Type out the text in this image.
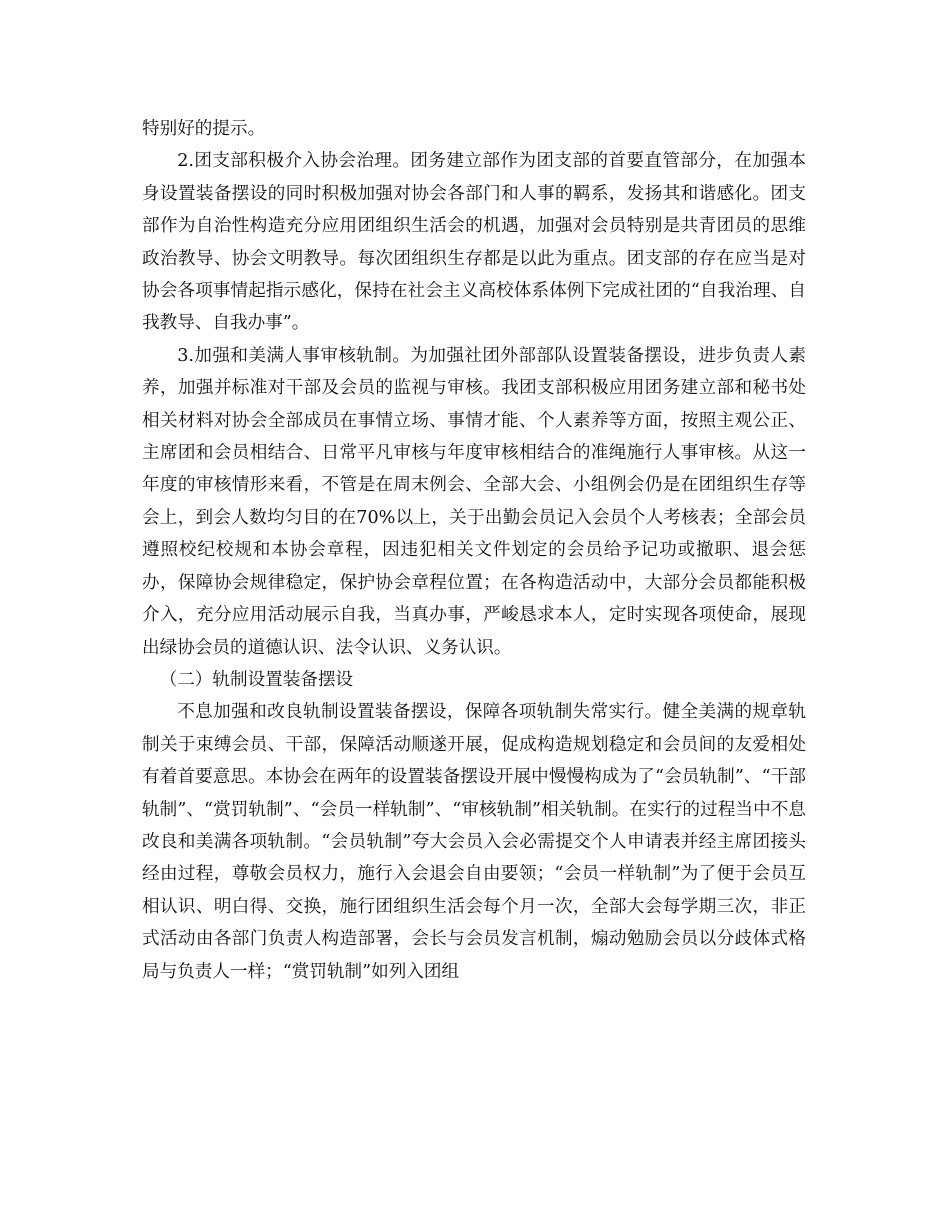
特别好的提示。

2.团支部积极介入协会治理。团务建立部作为团支部的首要直管部分，在加强本身设置装备摆设的同时积极加强对协会各部门和人事的羁系，发扬其和谐感化。团支部作为自治性构造充分应用团组织生活会的机遇，加强对会员特别是共青团员的思维政治教导、协会文明教导。每次团组织生存都是以此为重点。团支部的存在应当是对协会各项事情起指示感化，保持在社会主义高校体系体例下完成社团的“自我治理、自我教导、自我办事”。

3.加强和美满人事审核轨制。为加强社团外部部队设置装备摆设，进步负责人素养，加强并标准对干部及会员的监视与审核。我团支部积极应用团务建立部和秘书处相关材料对协会全部成员在事情立场、事情才能、个人素养等方面，按照主观公正、主席团和会员相结合、日常平凡审核与年度审核相结合的准绳施行人事审核。从这一年度的审核情形来看，不管是在周末例会、全部大会、小组例会仍是在团组织生存等会上，到会人数均匀目的在70%以上，关于出勤会员记入会员个人考核表；全部会员遵照校纪校规和本协会章程，因违犯相关文件划定的会员给予记功或撤职、退会惩办，保障协会规律稳定，保护协会章程位置；在各构造活动中，大部分会员都能积极介入，充分应用活动展示自我，当真办事，严峻恳求本人，定时实现各项使命，展现出绿协会员的道德认识、法令认识、义务认识。

（二）轨制设置装备摆设

不息加强和改良轨制设置装备摆设，保障各项轨制失常实行。健全美满的规章轨制关于束缚会员、干部，保障活动顺遂开展，促成构造规划稳定和会员间的友爱相处有着首要意思。本协会在两年的设置装备摆设开展中慢慢构成为了“会员轨制”、“干部轨制”、“赏罚轨制”、“会员一样轨制”、“审核轨制”相关轨制。在实行的过程当中不息改良和美满各项轨制。“会员轨制”夸大会员入会必需提交个人申请表并经主席团接头经由过程，尊敬会员权力，施行入会退会自由要领；“会员一样轨制”为了便于会员互相认识、明白得、交换，施行团组织生活会每个月一次，全部大会每学期三次，非正式活动由各部门负责人构造部署，会长与会员发言机制，煽动勉励会员以分歧体式格局与负责人一样；“赏罚轨制”如列入团组
